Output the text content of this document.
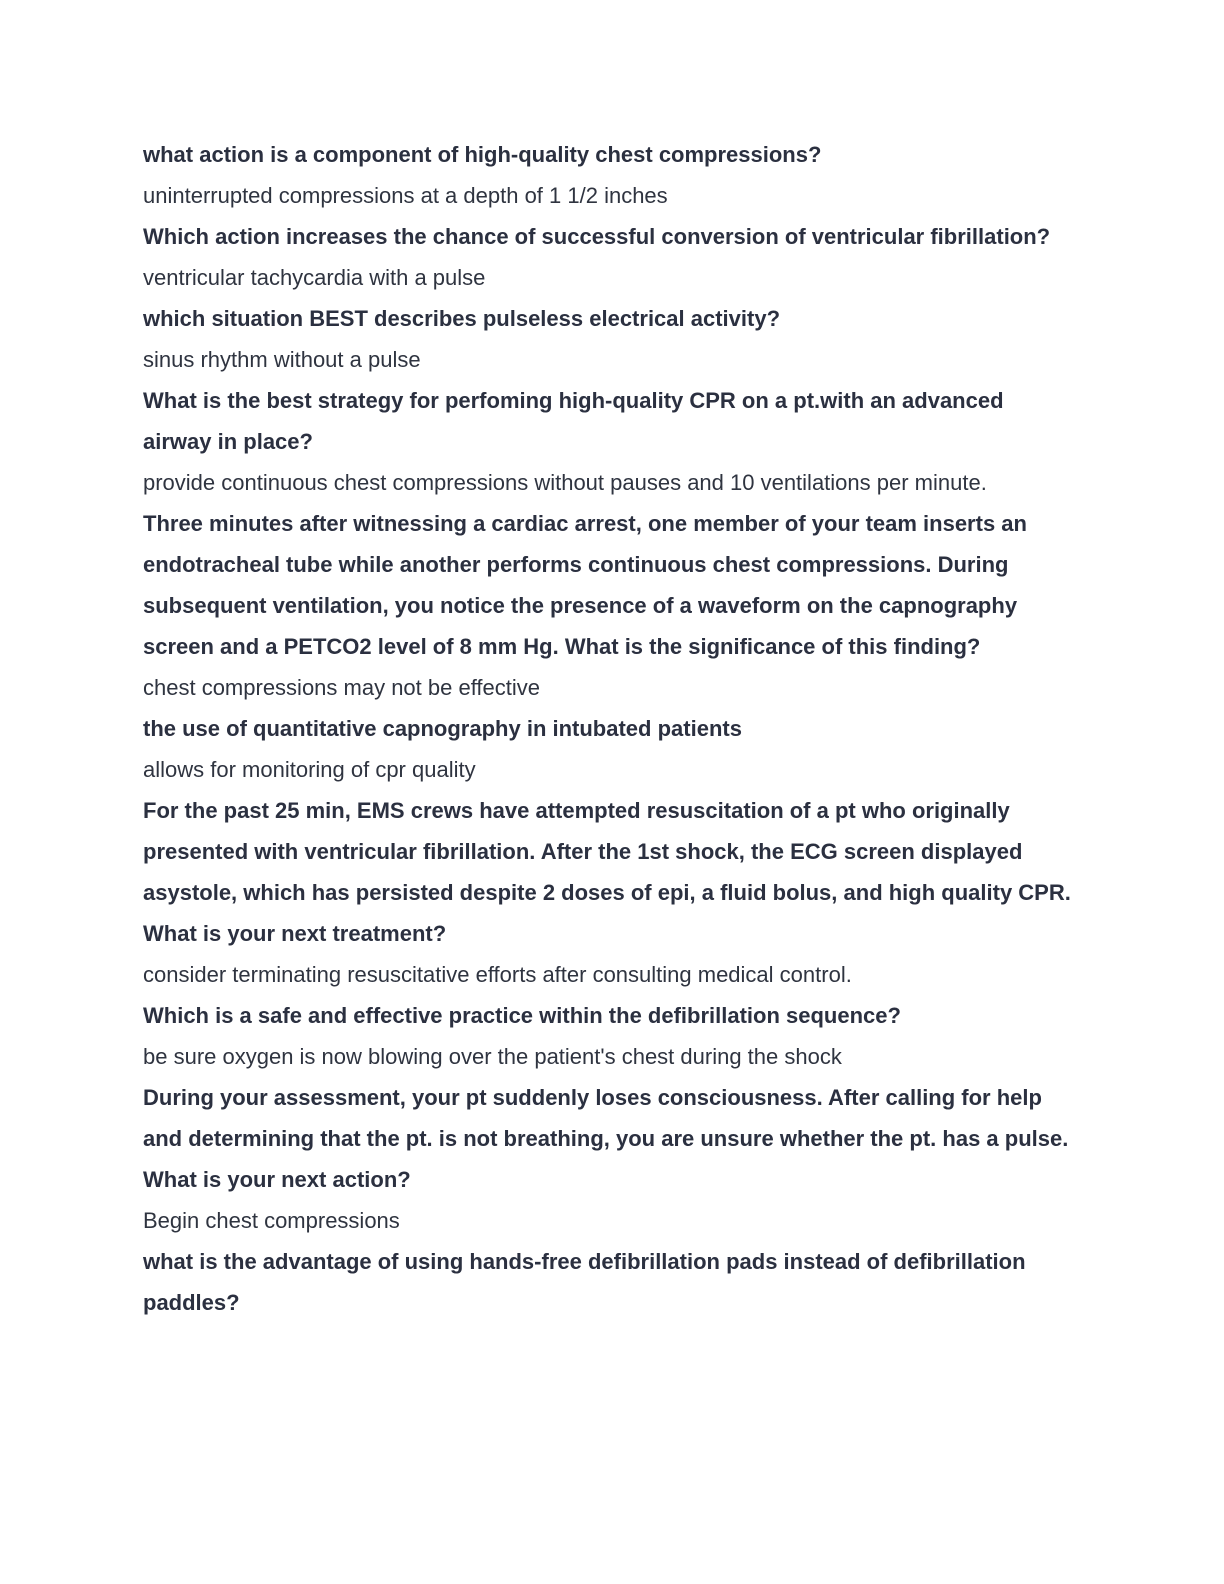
what action is a component of high-quality chest compressions?

uninterrupted compressions at a depth of 1 1/2 inches

Which action increases the chance of successful conversion of ventricular fibrillation?

ventricular tachycardia with a pulse

which situation BEST describes pulseless electrical activity?

sinus rhythm without a pulse

What is the best strategy for perfoming high-quality CPR on a pt.with an advanced airway in place?

provide continuous chest compressions without pauses and 10 ventilations per minute.

Three minutes after witnessing a cardiac arrest, one member of your team inserts an endotracheal tube while another performs continuous chest compressions. During subsequent ventilation, you notice the presence of a waveform on the capnography screen and a PETCO2 level of 8 mm Hg. What is the significance of this finding?

chest compressions may not be effective

the use of quantitative capnography in intubated patients

allows for monitoring of cpr quality

For the past 25 min, EMS crews have attempted resuscitation of a pt who originally presented with ventricular fibrillation. After the 1st shock, the ECG screen displayed asystole, which has persisted despite 2 doses of epi, a fluid bolus, and high quality CPR. What is your next treatment?

consider terminating resuscitative efforts after consulting medical control.

Which is a safe and effective practice within the defibrillation sequence?

be sure oxygen is now blowing over the patient's chest during the shock

During your assessment, your pt suddenly loses consciousness. After calling for help and determining that the pt. is not breathing, you are unsure whether the pt. has a pulse. What is your next action?

Begin chest compressions

what is the advantage of using hands-free defibrillation pads instead of defibrillation paddles?
